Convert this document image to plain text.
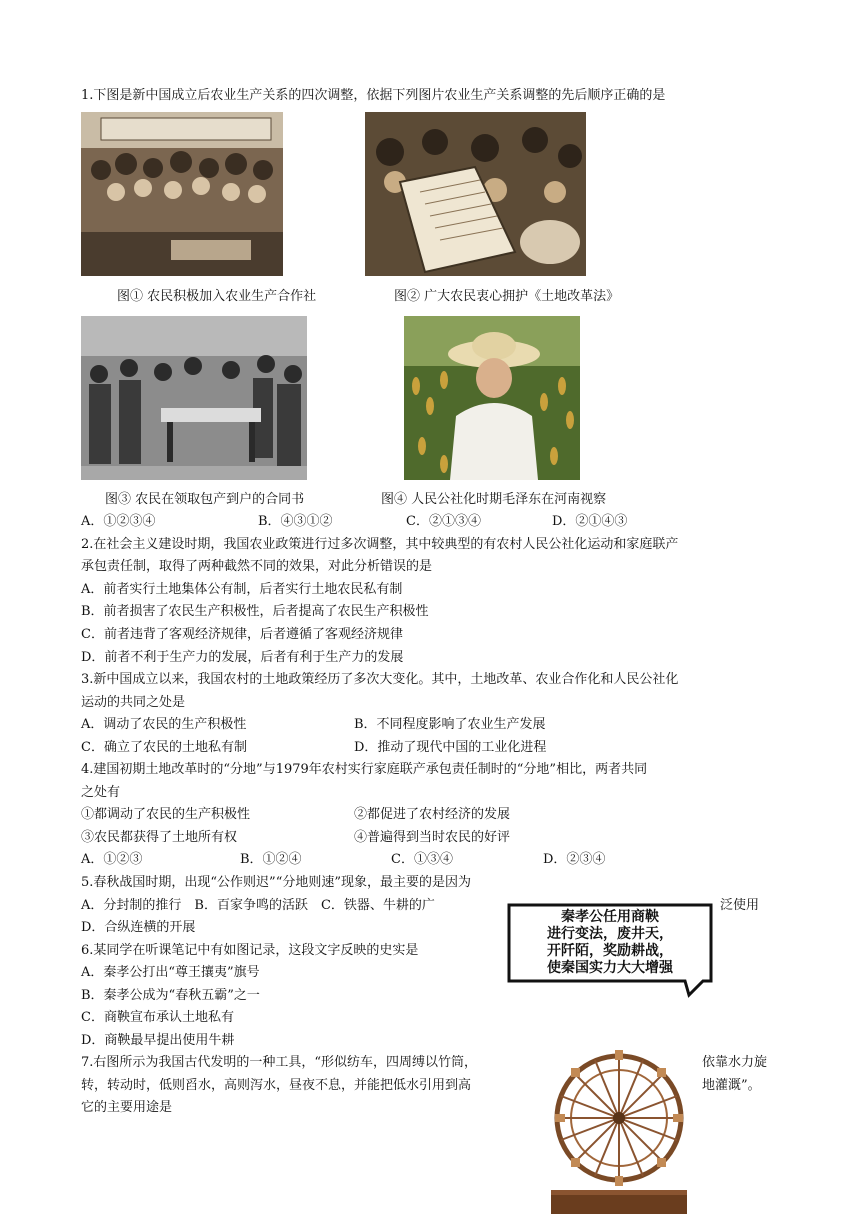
1.下图是新中国成立后农业生产关系的四次调整，依据下列图片农业生产关系调整的先后顺序正确的是
图① 农民积极加入农业生产合作社	图② 广大农民衷心拥护《土地改革法》
图③ 农民在领取包产到户的合同书	图④ 人民公社化时期毛泽东在河南视察
A．①②③④	B．④③①②	C．②①③④	D．②①④③
2.在社会主义建设时期，我国农业政策进行过多次调整，其中较典型的有农村人民公社化运动和家庭联产
承包责任制，取得了两种截然不同的效果，对此分析错误的是
A．前者实行土地集体公有制，后者实行土地农民私有制
B．前者损害了农民生产积极性，后者提高了农民生产积极性
C．前者违背了客观经济规律，后者遵循了客观经济规律
D．前者不利于生产力的发展，后者有利于生产力的发展
3.新中国成立以来，我国农村的土地政策经历了多次大变化。其中，土地改革、农业合作化和人民公社化
运动的共同之处是
A．调动了农民的生产积极性	B．不同程度影响了农业生产发展
C．确立了农民的土地私有制	D．推动了现代中国的工业化进程
4.建国初期土地改革时的“分地”与1979年农村实行家庭联产承包责任制时的“分地”相比，两者共同
之处有
①都调动了农民的生产积极性	②都促进了农村经济的发展
③农民都获得了土地所有权	④普遍得到当时农民的好评
A．①②③	B．①②④	C．①③④	D．②③④
5.春秋战国时期，出现“公作则迟”“分地则速”现象，最主要的是因为
A．分封制的推行　B．百家争鸣的活跃　C．铁器、牛耕的广	泛使用
D．合纵连横的开展
秦孝公任用商鞅
进行变法，废井天，
开阡陌，奖励耕战，
使秦国实力大大增强
6.某同学在听课笔记中有如图记录，这段文字反映的史实是
A．秦孝公打出“尊王攘夷”旗号
B．秦孝公成为“春秋五霸”之一
C．商鞅宣布承认土地私有
D．商鞅最早提出使用牛耕
7.右图所示为我国古代发明的一种工具，“形似纺车，四周缚以竹筒，	依靠水力旋
转，转动时，低则舀水，高则泻水，昼夜不息，并能把低水引用到高	地灌溉”。
它的主要用途是
